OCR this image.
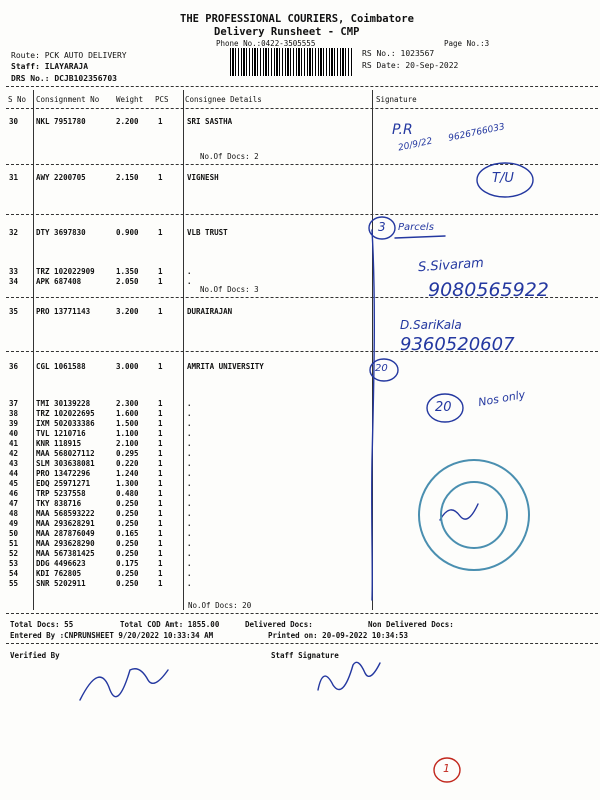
THE PROFESSIONAL COURIERS, Coimbatore
Delivery Runsheet - CMP
Phone No.:0422-3505555	Page No.:3
Route: PCK AUTO DELIVERY
Staff: ILAYARAJA
DRS No.: DCJB102356703
RS No.: 1023567
RS Date: 20-Sep-2022
S No Consignment No Weight PCS Consignee Details	Signature
30 NKL 7951780	2.200	1	SRI SASTHA
31 AWY 2200705	2.150	1	VIGNESH
32 DTY 3697830	0.900	1	VLB TRUST
33 TRZ 102022909	1.350	1	.
34 APK 687408	2.050	1	.
35 PRO 13771143	3.200	1	DURAIRAJAN
36 CGL 1061588	3.000	1	AMRITA UNIVERSITY
37 TMI 30139228	2.300	1	.
38 TRZ 102022695	1.600	1	.
39 IXM 502033386	1.500	1	.
40 TVL 1210716	1.100	1	.
41 KNR 118915	2.100	1	.
42 MAA 568027112	0.295	1	.
43 SLM 303638081	0.220	1	.
44 PRO 13472296	1.240	1	.
45 EDQ 25971271	1.300	1	.
46 TRP 5237558	0.480	1	.
47 TKY 838716	0.250	1	.
48 MAA 568593222	0.250	1	.
49 MAA 293628291	0.250	1	.
50 MAA 287876049	0.165	1	.
51 MAA 293628290	0.250	1	.
52 MAA 567381425	0.250	1	.
53 DDG 4496623	0.175	1	.
54 KDI 762805	0.250	1	.
55 SNR 5202911	0.250	1	.
No.Of Docs: 2
No.Of Docs: 3
No.Of Docs: 20
Total Docs: 55	Total COD Amt: 1855.00	Delivered Docs:	Non Delivered Docs:
Entered By :CNPRUNSHEET 9/20/2022 10:33:34 AM	Printed on: 20-09-2022 10:34:53
Verified By	Staff Signature
P.R
20/9/22
9626766033
T/U
3 Parcels
S.Sivaram
9080565922
D.SariKala
9360520607
20
20 Nos only
1
